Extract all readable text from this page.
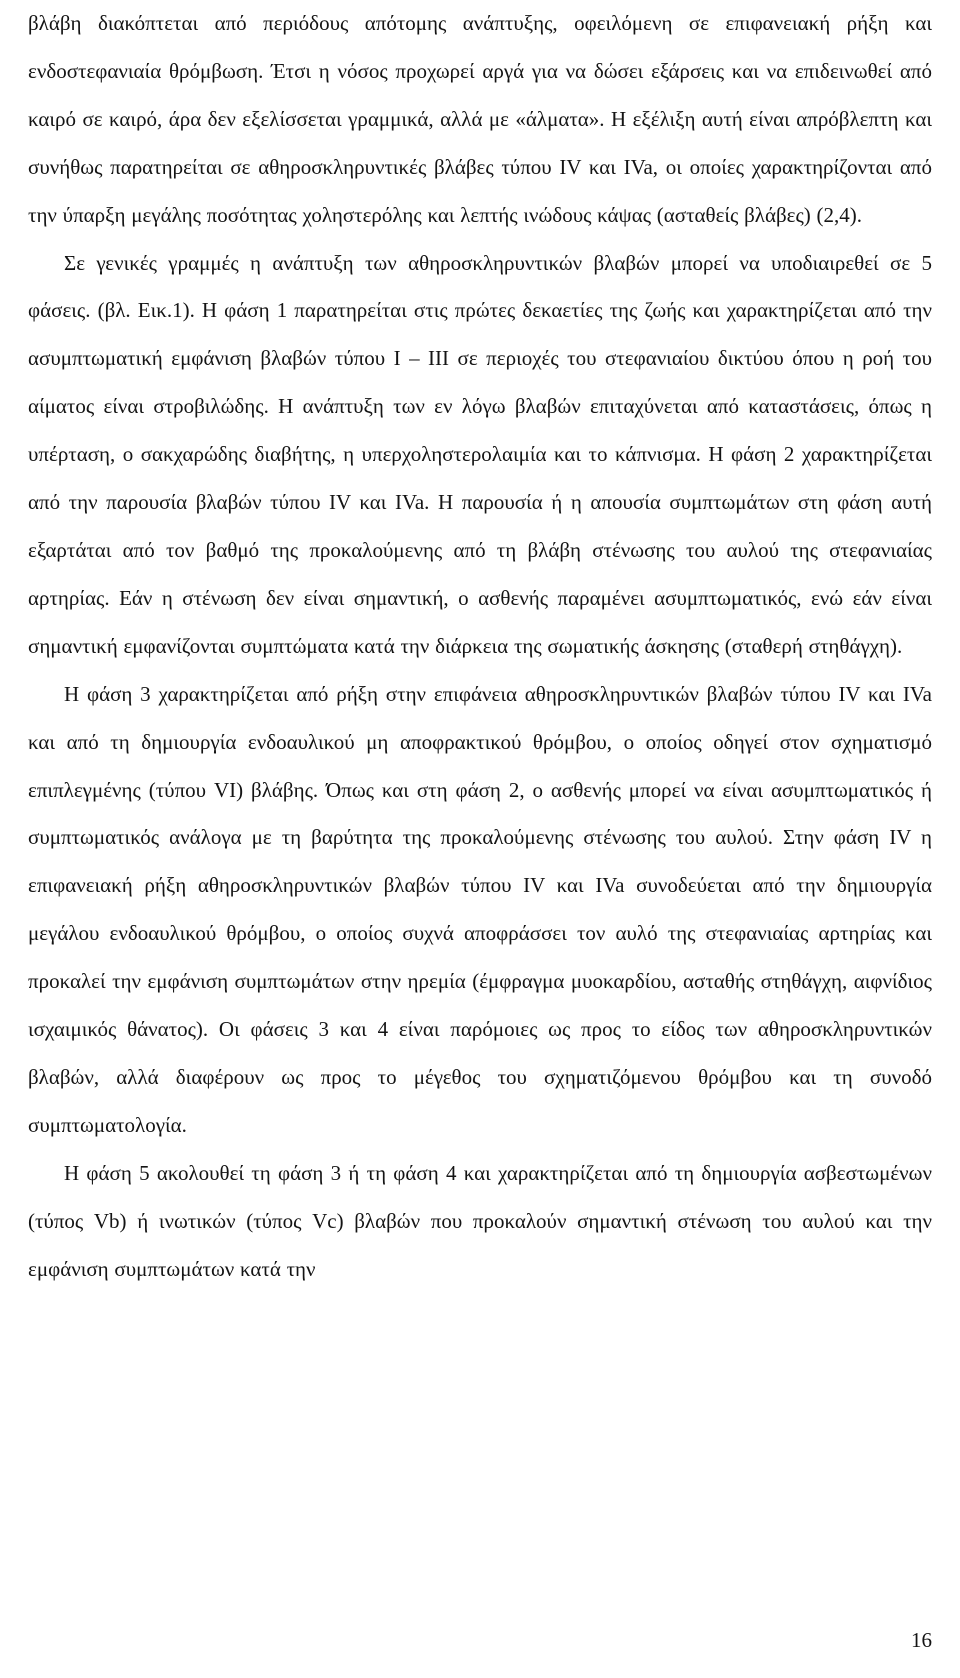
βλάβη διακόπτεται από περιόδους απότομης ανάπτυξης, οφειλόμενη σε επιφανειακή ρήξη και ενδοστεφανιαία θρόμβωση. Έτσι η νόσος προχωρεί αργά για να δώσει εξάρσεις και να επιδεινωθεί από καιρό σε καιρό, άρα δεν εξελίσσεται γραμμικά, αλλά με «άλματα». Η εξέλιξη αυτή είναι απρόβλεπτη και συνήθως παρατηρείται σε αθηροσκληρυντικές βλάβες τύπου IV και IVa, οι οποίες χαρακτηρίζονται από την ύπαρξη μεγάλης ποσότητας χοληστερόλης και λεπτής ινώδους κάψας (ασταθείς βλάβες) (2,4).

Σε γενικές γραμμές η ανάπτυξη των αθηροσκληρυντικών βλαβών μπορεί να υποδιαιρεθεί σε 5 φάσεις. (βλ. Εικ.1). Η φάση 1 παρατηρείται στις πρώτες δεκαετίες της ζωής και χαρακτηρίζεται από την ασυμπτωματική εμφάνιση βλαβών τύπου I – III σε περιοχές του στεφανιαίου δικτύου όπου η ροή του αίματος είναι στροβιλώδης. Η ανάπτυξη των εν λόγω βλαβών επιταχύνεται από καταστάσεις, όπως η υπέρταση, ο σακχαρώδης διαβήτης, η υπερχοληστερολαιμία και το κάπνισμα. Η φάση 2 χαρακτηρίζεται από την παρουσία βλαβών τύπου IV και IVa. Η παρουσία ή η απουσία συμπτωμάτων στη φάση αυτή εξαρτάται από τον βαθμό της προκαλούμενης από τη βλάβη στένωσης του αυλού της στεφανιαίας αρτηρίας. Εάν η στένωση δεν είναι σημαντική, ο ασθενής παραμένει ασυμπτωματικός, ενώ εάν είναι σημαντική εμφανίζονται συμπτώματα κατά την διάρκεια της σωματικής άσκησης (σταθερή στηθάγχη).

Η φάση 3 χαρακτηρίζεται από ρήξη στην επιφάνεια αθηροσκληρυντικών βλαβών τύπου IV και IVa και από τη δημιουργία ενδοαυλικού μη αποφρακτικού θρόμβου, ο οποίος οδηγεί στον σχηματισμό επιπλεγμένης (τύπου VI) βλάβης. Όπως και στη φάση 2, ο ασθενής μπορεί να είναι ασυμπτωματικός ή συμπτωματικός ανάλογα με τη βαρύτητα της προκαλούμενης στένωσης του αυλού. Στην φάση IV η επιφανειακή ρήξη αθηροσκληρυντικών βλαβών τύπου IV και IVa συνοδεύεται από την δημιουργία μεγάλου ενδοαυλικού θρόμβου, ο οποίος συχνά αποφράσσει τον αυλό της στεφανιαίας αρτηρίας και προκαλεί την εμφάνιση συμπτωμάτων στην ηρεμία (έμφραγμα μυοκαρδίου, ασταθής στηθάγχη, αιφνίδιος ισχαιμικός θάνατος). Οι φάσεις 3 και 4 είναι παρόμοιες ως προς το είδος των αθηροσκληρυντικών βλαβών, αλλά διαφέρουν ως προς το μέγεθος του σχηματιζόμενου θρόμβου και τη συνοδό συμπτωματολογία.

Η φάση 5 ακολουθεί τη φάση 3 ή τη φάση 4 και χαρακτηρίζεται από τη δημιουργία ασβεστωμένων (τύπος Vb) ή ινωτικών (τύπος Vc) βλαβών που προκαλούν σημαντική στένωση του αυλού και την εμφάνιση συμπτωμάτων κατά την

16
